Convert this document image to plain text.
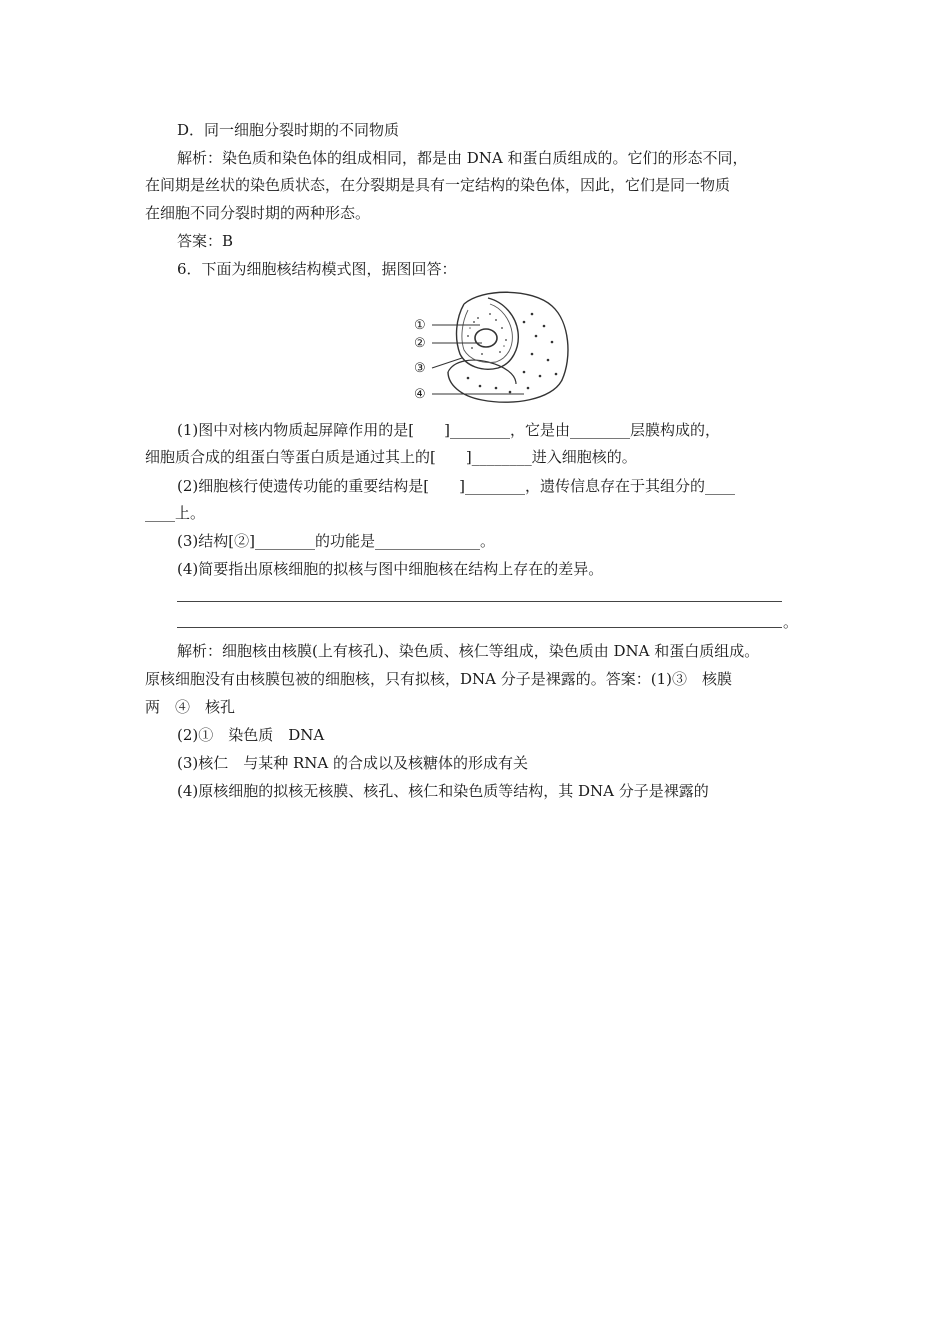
D．同一细胞分裂时期的不同物质
解析：染色质和染色体的组成相同，都是由 DNA 和蛋白质组成的。它们的形态不同，
在间期是丝状的染色质状态，在分裂期是具有一定结构的染色体，因此，它们是同一物质
在细胞不同分裂时期的两种形态。
答案：B
6．下面为细胞核结构模式图，据图回答：
①
②
③
④
(1)图中对核内物质起屏障作用的是[　　]________，它是由________层膜构成的，
细胞质合成的组蛋白等蛋白质是通过其上的[　　]________进入细胞核的。
(2)细胞核行使遗传功能的重要结构是[　　]________，遗传信息存在于其组分的____
____上。
(3)结构[②]________的功能是______________。
(4)简要指出原核细胞的拟核与图中细胞核在结构上存在的差异。
。
解析：细胞核由核膜(上有核孔)、染色质、核仁等组成，染色质由 DNA 和蛋白质组成。
原核细胞没有由核膜包被的细胞核，只有拟核，DNA 分子是裸露的。答案：(1)③　核膜
两　④　核孔
(2)①　染色质　DNA
(3)核仁　与某种 RNA 的合成以及核糖体的形成有关
(4)原核细胞的拟核无核膜、核孔、核仁和染色质等结构，其 DNA 分子是裸露的
